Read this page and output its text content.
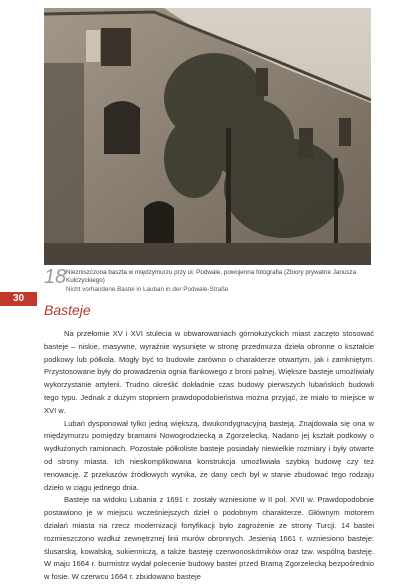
18 Niezniszczona baszta w międzymurzu przy ul. Podwale, powojenna fotografia (Zbiory prywatne Janusza Kulczyckiego)
Nicht vorhandene Bastei in Lauban in der Podwale-Straße
30
Basteje

Na przełomie XV i XVI stulecia w obwarowaniach górnołużyckich miast zaczęto stosować basteje – niskie, masywne, wyraźnie wysunięte w stronę przedmurza dzieła obronne o kształcie podkowy lub półkola. Mogły być to budowle zarówno o charakterze otwartym, jak i zamkniętym. Przystosowane były do prowadzenia ognia flankowego z broni palnej. Większe basteje umożliwiały wykorzystanie artylerii. Trudno określić dokładnie czas budowy pierwszych lubańskich budowli tego typu. Jednak z dużym stopniem prawdopodobieństwa można przyjąć, że miało to miejsce w XVI w.

Lubań dysponował tylko jedną większą, dwukondygnacyjną basteją. Znajdowała się ona w międzymurzu pomiędzy bramami Nowogrodziecką a Zgorzelecką. Nadano jej kształt podkowy o wydłużonych ramionach. Pozostałe półkoliste basteje posiadały niewielkie rozmiary i były otwarte od strony miasta. Ich nieskomplikowana konstrukcja umożliwiała szybką budowę czy też renowację. Z przekazów źródłowych wynika, że dany cech był w stanie zbudować tego rodzaju dzieło w ciągu jednego dnia.

Basteje na widoku Lubania z 1691 r. zostały wzniesione w II poł. XVII w. Prawdopodobnie postawiono je w miejscu wcześniejszych dzieł o podobnym charakterze. Głównym motorem działań miasta na rzecz modernizacji fortyfikacji było zagrożenie ze strony Turcji. 14 bastei rozmieszczono wzdłuż zewnętrznej linii murów obronnych. Jesienią 1661 r. wzniesiono basteje: ślusarską, kowalską, sukienniczą, a także basteję czerwonoskórników oraz tzw. wspólną basteję. W maju 1664 r. burmistrz wydał polecenie budowy bastei przed Bramą Zgorzelecką bezpośrednio w fosie. W czerwcu 1664 r. zbudowano basteje
